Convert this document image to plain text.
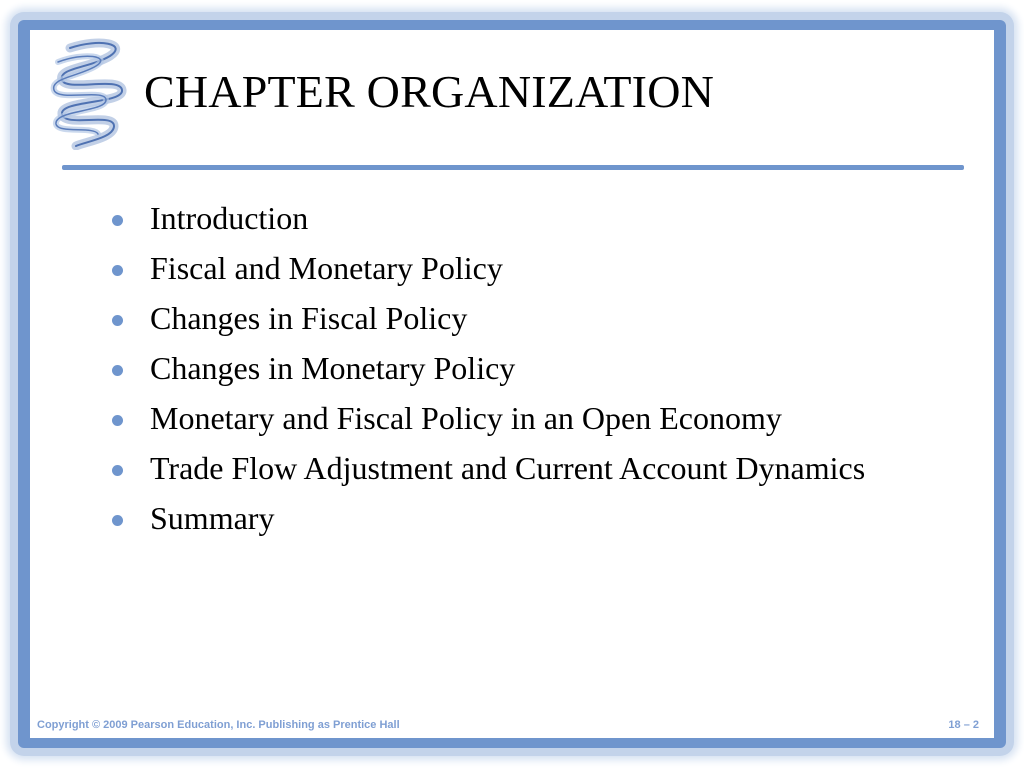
CHAPTER ORGANIZATION
Introduction
Fiscal and Monetary Policy
Changes in Fiscal Policy
Changes in Monetary Policy
Monetary and Fiscal Policy in an Open Economy
Trade Flow Adjustment and Current Account Dynamics
Summary

Copyright © 2009 Pearson Education, Inc. Publishing as Prentice Hall	18 – 2
